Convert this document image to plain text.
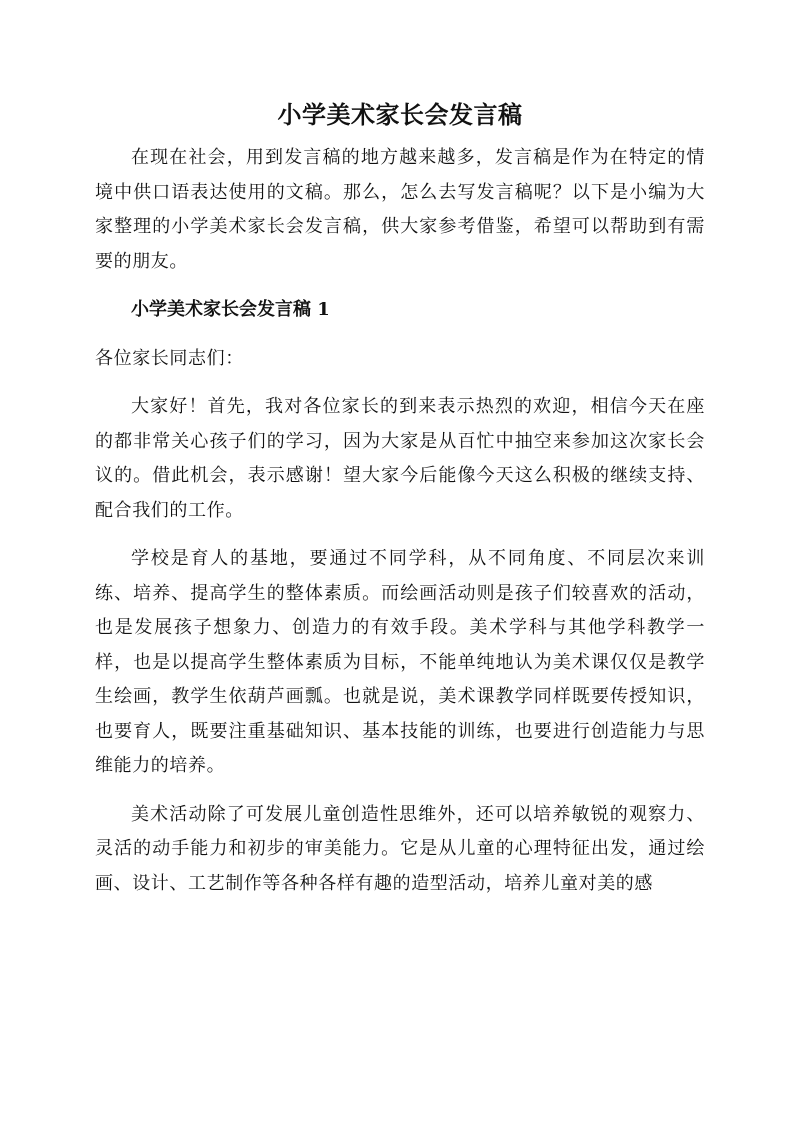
小学美术家长会发言稿

在现在社会，用到发言稿的地方越来越多，发言稿是作为在特定的情境中供口语表达使用的文稿。那么，怎么去写发言稿呢？以下是小编为大家整理的小学美术家长会发言稿，供大家参考借鉴，希望可以帮助到有需要的朋友。

小学美术家长会发言稿 1

各位家长同志们：

大家好！首先，我对各位家长的到来表示热烈的欢迎，相信今天在座的都非常关心孩子们的学习，因为大家是从百忙中抽空来参加这次家长会议的。借此机会，表示感谢！望大家今后能像今天这么积极的继续支持、配合我们的工作。

学校是育人的基地，要通过不同学科，从不同角度、不同层次来训练、培养、提高学生的整体素质。而绘画活动则是孩子们较喜欢的活动，也是发展孩子想象力、创造力的有效手段。美术学科与其他学科教学一样，也是以提高学生整体素质为目标，不能单纯地认为美术课仅仅是教学生绘画，教学生依葫芦画瓢。也就是说，美术课教学同样既要传授知识，也要育人，既要注重基础知识、基本技能的训练，也要进行创造能力与思维能力的培养。

美术活动除了可发展儿童创造性思维外，还可以培养敏锐的观察力、灵活的动手能力和初步的审美能力。它是从儿童的心理特征出发，通过绘画、设计、工艺制作等各种各样有趣的造型活动，培养儿童对美的感
